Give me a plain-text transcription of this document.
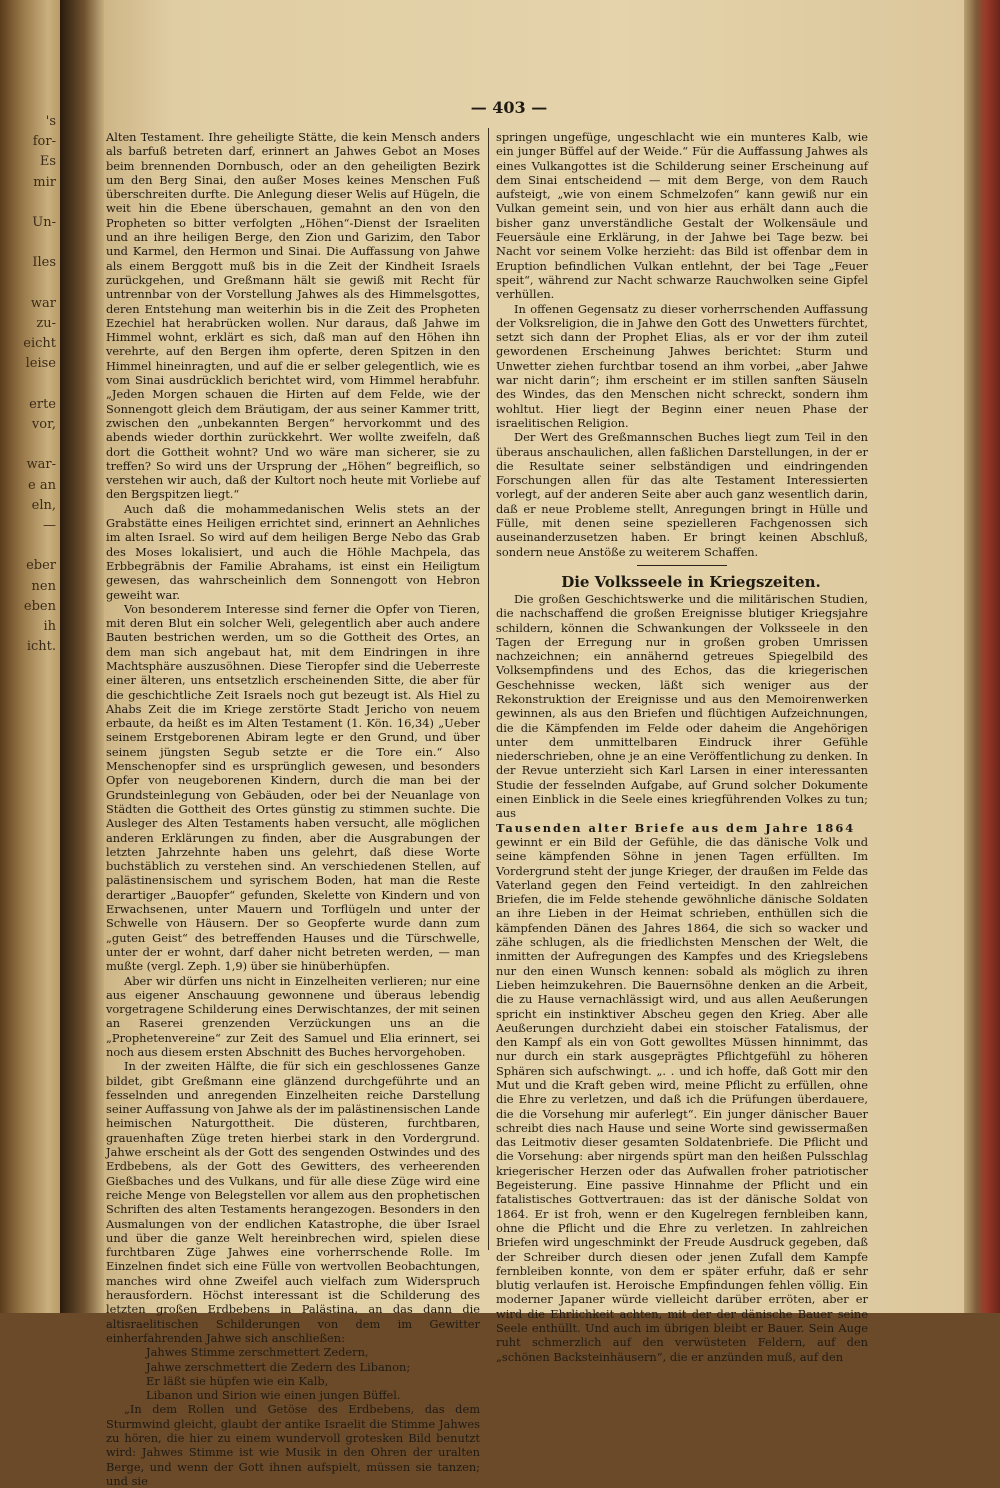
's
for-
Es
mir

Un-

Iles

war
zu-
eicht
leise

erte
vor,

war-
e an
eln,
—

eber
nen
eben
ih
icht.
— 403 —

Alten Testament. Ihre geheiligte Stätte, die kein Mensch anders als barfuß betreten darf, erinnert an Jahwes Gebot an Moses beim brennenden Dornbusch, oder an den geheiligten Bezirk um den Berg Sinai, den außer Moses keines Menschen Fuß überschreiten durfte. Die Anlegung dieser Welis auf Hügeln, die weit hin die Ebene überschauen, gemahnt an den von den Propheten so bitter verfolgten „Höhen“-Dienst der Israeliten und an ihre heiligen Berge, den Zion und Garizim, den Tabor und Karmel, den Hermon und Sinai. Die Auffassung von Jahwe als einem Berggott muß bis in die Zeit der Kindheit Israels zurückgehen, und Greßmann hält sie gewiß mit Recht für untrennbar von der Vorstellung Jahwes als des Himmelsgottes, deren Entstehung man weiterhin bis in die Zeit des Propheten Ezechiel hat herabrücken wollen. Nur daraus, daß Jahwe im Himmel wohnt, erklärt es sich, daß man auf den Höhen ihn verehrte, auf den Bergen ihm opferte, deren Spitzen in den Himmel hineinragten, und auf die er selber gelegentlich, wie es vom Sinai ausdrücklich berichtet wird, vom Himmel herabfuhr. „Jeden Morgen schauen die Hirten auf dem Felde, wie der Sonnengott gleich dem Bräutigam, der aus seiner Kammer tritt, zwischen den „unbekannten Bergen“ hervorkommt und des abends wieder dorthin zurückkehrt. Wer wollte zweifeln, daß dort die Gottheit wohnt? Und wo wäre man sicherer, sie zu treffen? So wird uns der Ursprung der „Höhen“ begreiflich, so verstehen wir auch, daß der Kultort noch heute mit Vorliebe auf den Bergspitzen liegt.“

Auch daß die mohammedanischen Welis stets an der Grabstätte eines Heiligen errichtet sind, erinnert an Aehnliches im alten Israel. So wird auf dem heiligen Berge Nebo das Grab des Moses lokalisiert, und auch die Höhle Machpela, das Erbbegräbnis der Familie Abrahams, ist einst ein Heiligtum gewesen, das wahrscheinlich dem Sonnengott von Hebron geweiht war.

Von besonderem Interesse sind ferner die Opfer von Tieren, mit deren Blut ein solcher Weli, gelegentlich aber auch andere Bauten bestrichen werden, um so die Gottheit des Ortes, an dem man sich angebaut hat, mit dem Eindringen in ihre Machtsphäre auszusöhnen. Diese Tieropfer sind die Ueberreste einer älteren, uns entsetzlich erscheinenden Sitte, die aber für die geschichtliche Zeit Israels noch gut bezeugt ist. Als Hiel zu Ahabs Zeit die im Kriege zerstörte Stadt Jericho von neuem erbaute, da heißt es im Alten Testament (1. Kön. 16,34) „Ueber seinem Erstgeborenen Abiram legte er den Grund, und über seinem jüngsten Segub setzte er die Tore ein.“ Also Menschenopfer sind es ursprünglich gewesen, und besonders Opfer von neugeborenen Kindern, durch die man bei der Grundsteinlegung von Gebäuden, oder bei der Neuanlage von Städten die Gottheit des Ortes günstig zu stimmen suchte. Die Ausleger des Alten Testaments haben versucht, alle möglichen anderen Erklärungen zu finden, aber die Ausgrabungen der letzten Jahrzehnte haben uns gelehrt, daß diese Worte buchstäblich zu verstehen sind. An verschiedenen Stellen, auf palästinensischem und syrischem Boden, hat man die Reste derartiger „Bauopfer“ gefunden, Skelette von Kindern und von Erwachsenen, unter Mauern und Torflügeln und unter der Schwelle von Häusern. Der so Geopferte wurde dann zum „guten Geist“ des betreffenden Hauses und die Türschwelle, unter der er wohnt, darf daher nicht betreten werden, — man mußte (vergl. Zeph. 1,9) über sie hinüberhüpfen.

Aber wir dürfen uns nicht in Einzelheiten verlieren; nur eine aus eigener Anschauung gewonnene und überaus lebendig vorgetragene Schilderung eines Derwischtanzes, der mit seinen an Raserei grenzenden Verzückungen uns an die „Prophetenvereine“ zur Zeit des Samuel und Elia erinnert, sei noch aus diesem ersten Abschnitt des Buches hervorgehoben.

In der zweiten Hälfte, die für sich ein geschlossenes Ganze bildet, gibt Greßmann eine glänzend durchgeführte und an fesselnden und anregenden Einzelheiten reiche Darstellung seiner Auffassung von Jahwe als der im palästinensischen Lande heimischen Naturgottheit. Die düsteren, furchtbaren, grauenhaften Züge treten hierbei stark in den Vordergrund. Jahwe erscheint als der Gott des sengenden Ostwindes und des Erdbebens, als der Gott des Gewitters, des verheerenden Gießbaches und des Vulkans, und für alle diese Züge wird eine reiche Menge von Belegstellen vor allem aus den prophetischen Schriften des alten Testaments herangezogen. Besonders in den Ausmalungen von der endlichen Katastrophe, die über Israel und über die ganze Welt hereinbrechen wird, spielen diese furchtbaren Züge Jahwes eine vorherrschende Rolle. Im Einzelnen findet sich eine Fülle von wertvollen Beobachtungen, manches wird ohne Zweifel auch vielfach zum Widerspruch herausfordern. Höchst interessant ist die Schilderung des letzten großen Erdbebens in Palästina, an das dann die altisraelitischen Schilderungen von dem im Gewitter einherfahrenden Jahwe sich anschließen:

Jahwes Stimme zerschmettert Zedern,

Jahwe zerschmettert die Zedern des Libanon;

Er läßt sie hüpfen wie ein Kalb,

Libanon und Sirion wie einen jungen Büffel.

„In dem Rollen und Getöse des Erdbebens, das dem Sturmwind gleicht, glaubt der antike Israelit die Stimme Jahwes zu hören, die hier zu einem wundervoll grotesken Bild benutzt wird: Jahwes Stimme ist wie Musik in den Ohren der uralten Berge, und wenn der Gott ihnen aufspielt, müssen sie tanzen; und sie

springen ungefüge, ungeschlacht wie ein munteres Kalb, wie ein junger Büffel auf der Weide.“ Für die Auffassung Jahwes als eines Vulkangottes ist die Schilderung seiner Erscheinung auf dem Sinai entscheidend — mit dem Berge, von dem Rauch aufsteigt, „wie von einem Schmelzofen“ kann gewiß nur ein Vulkan gemeint sein, und von hier aus erhält dann auch die bisher ganz unverständliche Gestalt der Wolkensäule und Feuersäule eine Erklärung, in der Jahwe bei Tage bezw. bei Nacht vor seinem Volke herzieht: das Bild ist offenbar dem in Eruption befindlichen Vulkan entlehnt, der bei Tage „Feuer speit“, während zur Nacht schwarze Rauchwolken seine Gipfel verhüllen.

In offenen Gegensatz zu dieser vorherrschenden Auffassung der Volksreligion, die in Jahwe den Gott des Unwetters fürchtet, setzt sich dann der Prophet Elias, als er vor der ihm zuteil gewordenen Erscheinung Jahwes berichtet: Sturm und Unwetter ziehen furchtbar tosend an ihm vorbei, „aber Jahwe war nicht darin“; ihm erscheint er im stillen sanften Säuseln des Windes, das den Menschen nicht schreckt, sondern ihm wohltut. Hier liegt der Beginn einer neuen Phase der israelitischen Religion.

Der Wert des Greßmannschen Buches liegt zum Teil in den überaus anschaulichen, allen faßlichen Darstellungen, in der er die Resultate seiner selbständigen und eindringenden Forschungen allen für das alte Testament Interessierten vorlegt, auf der anderen Seite aber auch ganz wesentlich darin, daß er neue Probleme stellt, Anregungen bringt in Hülle und Fülle, mit denen seine spezielleren Fachgenossen sich auseinanderzusetzen haben. Er bringt keinen Abschluß, sondern neue Anstöße zu weiterem Schaffen.

Die Volksseele in Kriegszeiten.

Die großen Geschichtswerke und die militärischen Studien, die nachschaffend die großen Ereignisse blutiger Kriegsjahre schildern, können die Schwankungen der Volksseele in den Tagen der Erregung nur in großen groben Umrissen nachzeichnen; ein annähernd getreues Spiegelbild des Volksempfindens und des Echos, das die kriegerischen Geschehnisse wecken, läßt sich weniger aus der Rekonstruktion der Ereignisse und aus den Memoirenwerken gewinnen, als aus den Briefen und flüchtigen Aufzeichnungen, die die Kämpfenden im Felde oder daheim die Angehörigen unter dem unmittelbaren Eindruck ihrer Gefühle niederschrieben, ohne je an eine Veröffentlichung zu denken. In der Revue unterzieht sich Karl Larsen in einer interessanten Studie der fesselnden Aufgabe, auf Grund solcher Dokumente einen Einblick in die Seele eines kriegführenden Volkes zu tun; aus

Tausenden alter Briefe aus dem Jahre 1864

gewinnt er ein Bild der Gefühle, die das dänische Volk und seine kämpfenden Söhne in jenen Tagen erfüllten. Im Vordergrund steht der junge Krieger, der draußen im Felde das Vaterland gegen den Feind verteidigt. In den zahlreichen Briefen, die im Felde stehende gewöhnliche dänische Soldaten an ihre Lieben in der Heimat schrieben, enthüllen sich die kämpfenden Dänen des Jahres 1864, die sich so wacker und zähe schlugen, als die friedlichsten Menschen der Welt, die inmitten der Aufregungen des Kampfes und des Kriegslebens nur den einen Wunsch kennen: sobald als möglich zu ihren Lieben heimzukehren. Die Bauernsöhne denken an die Arbeit, die zu Hause vernachlässigt wird, und aus allen Aeußerungen spricht ein instinktiver Abscheu gegen den Krieg. Aber alle Aeußerungen durchzieht dabei ein stoischer Fatalismus, der den Kampf als ein von Gott gewolltes Müssen hinnimmt, das nur durch ein stark ausgeprägtes Pflichtgefühl zu höheren Sphären sich aufschwingt. „. . und ich hoffe, daß Gott mir den Mut und die Kraft geben wird, meine Pflicht zu erfüllen, ohne die Ehre zu verletzen, und daß ich die Prüfungen überdauere, die die Vorsehung mir auferlegt“. Ein junger dänischer Bauer schreibt dies nach Hause und seine Worte sind gewissermaßen das Leitmotiv dieser gesamten Soldatenbriefe. Die Pflicht und die Vorsehung: aber nirgends spürt man den heißen Pulsschlag kriegerischer Herzen oder das Aufwallen froher patriotischer Begeisterung. Eine passive Hinnahme der Pflicht und ein fatalistisches Gottvertrauen: das ist der dänische Soldat von 1864. Er ist froh, wenn er den Kugelregen fernbleiben kann, ohne die Pflicht und die Ehre zu verletzen. In zahlreichen Briefen wird ungeschminkt der Freude Ausdruck gegeben, daß der Schreiber durch diesen oder jenen Zufall dem Kampfe fernbleiben konnte, von dem er später erfuhr, daß er sehr blutig verlaufen ist. Heroische Empfindungen fehlen völlig. Ein moderner Japaner würde vielleicht darüber erröten, aber er wird die Ehrlichkeit achten, mit der der dänische Bauer seine Seele enthüllt. Und auch im übrigen bleibt er Bauer. Sein Auge ruht schmerzlich auf den verwüsteten Feldern, auf den „schönen Backsteinhäusern“, die er anzünden muß, auf den
